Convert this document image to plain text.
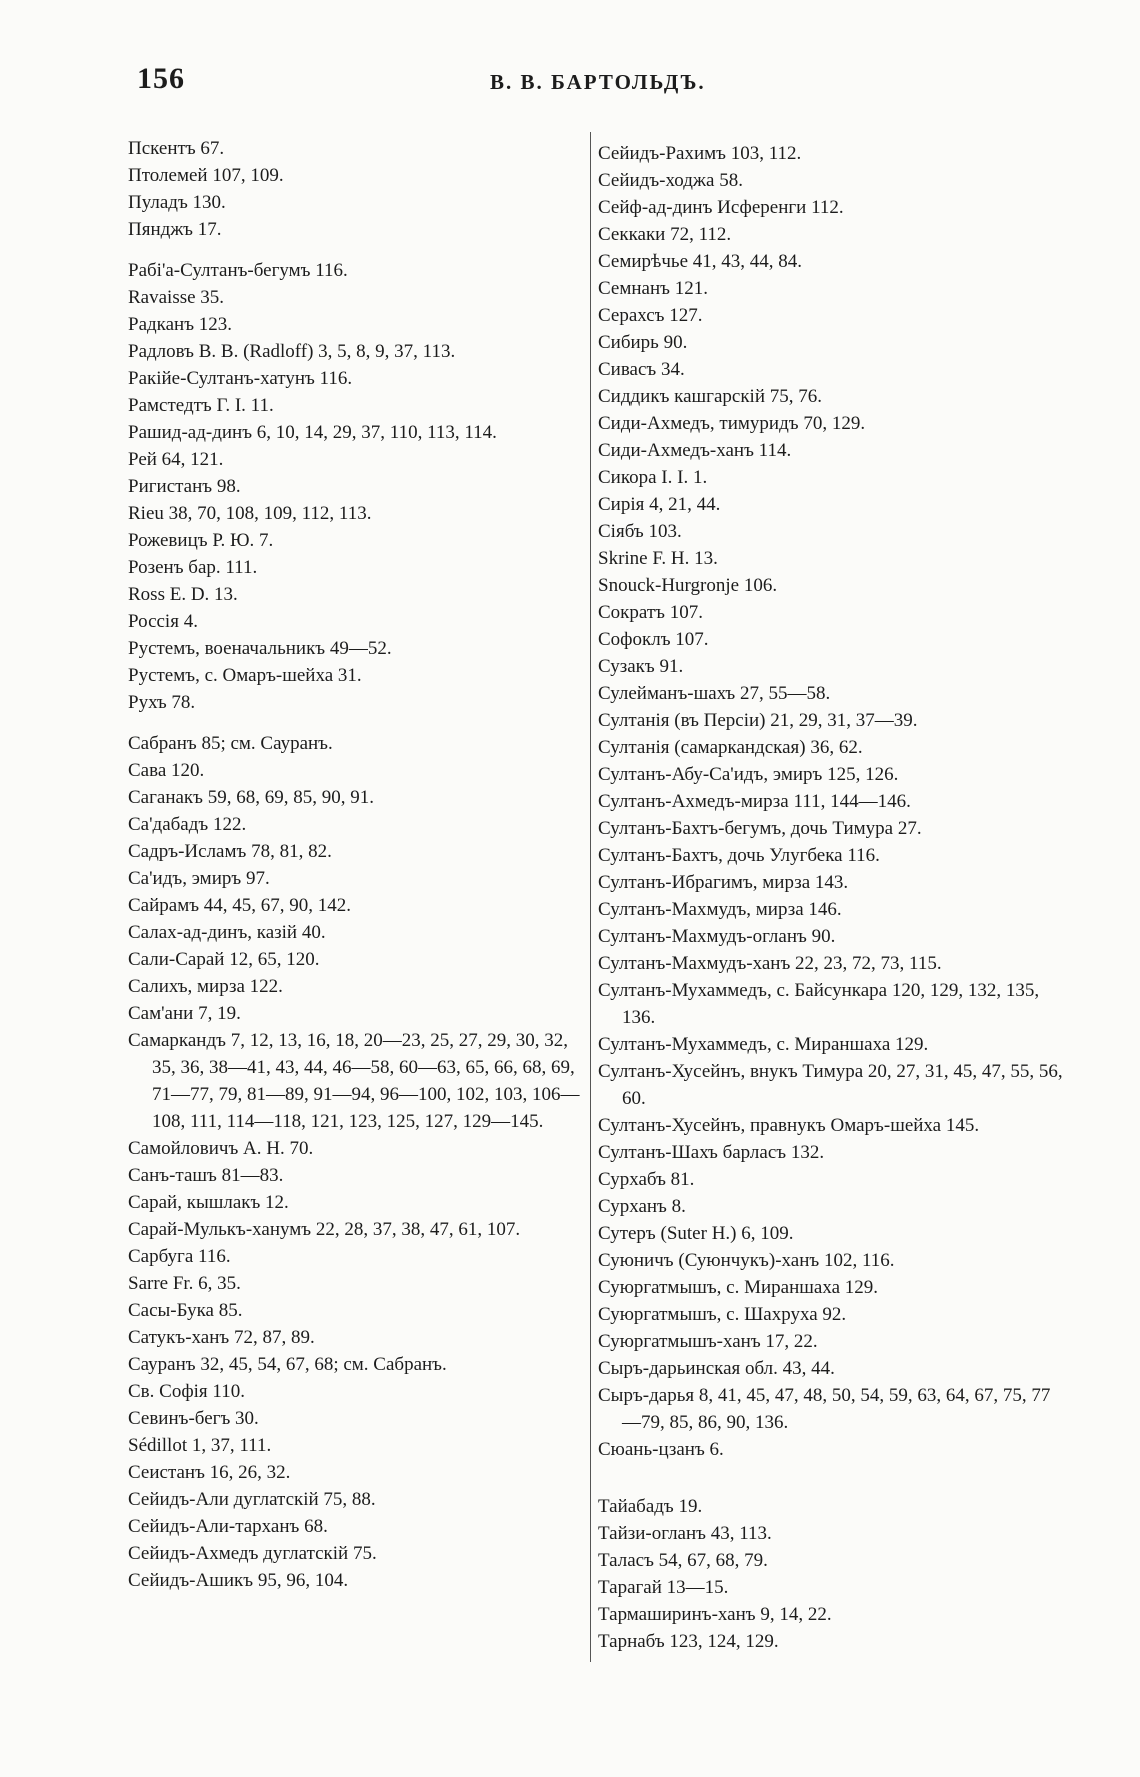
156	В. В. БАРТОЛЬДЪ.

Пскентъ 67.

Птолемей 107, 109.

Пуладъ 130.

Пянджъ 17.

Рабі'а-Султанъ-бегумъ 116.

Ravaisse 35.

Радканъ 123.

Радловъ В. В. (Radloff) 3, 5, 8, 9, 37, 113.

Ракійе-Султанъ-хатунъ 116.

Рамстедтъ Г. І. 11.

Рашид-ад-динъ 6, 10, 14, 29, 37, 110, 113, 114.

Рей 64, 121.

Ригистанъ 98.

Rieu 38, 70, 108, 109, 112, 113.

Рожевицъ Р. Ю. 7.

Розенъ бар. 111.

Ross E. D. 13.

Россія 4.

Рустемъ, военачальникъ 49—52.

Рустемъ, с. Омаръ-шейха 31.

Рухъ 78.

Сабранъ 85; см. Сауранъ.

Сава 120.

Саганакъ 59, 68, 69, 85, 90, 91.

Са'дабадъ 122.

Садръ-Исламъ 78, 81, 82.

Са'идъ, эмиръ 97.

Сайрамъ 44, 45, 67, 90, 142.

Салах-ад-динъ, казій 40.

Сали-Сарай 12, 65, 120.

Салихъ, мирза 122.

Сам'ани 7, 19.

Самаркандъ 7, 12, 13, 16, 18, 20—23, 25, 27, 29, 30, 32, 35, 36, 38—41, 43, 44, 46—58, 60—63, 65, 66, 68, 69, 71—77, 79, 81—89, 91—94, 96—100, 102, 103, 106—108, 111, 114—118, 121, 123, 125, 127, 129—145.

Самойловичъ А. Н. 70.

Санъ-ташъ 81—83.

Сарай, кышлакъ 12.

Сарай-Мулькъ-ханумъ 22, 28, 37, 38, 47, 61, 107.

Сарбуга 116.

Sarre Fr. 6, 35.

Сасы-Бука 85.

Сатукъ-ханъ 72, 87, 89.

Сауранъ 32, 45, 54, 67, 68; см. Сабранъ.

Св. Софія 110.

Севинъ-бегъ 30.

Sédillot 1, 37, 111.

Сеистанъ 16, 26, 32.

Сейидъ-Али дуглатскій 75, 88.

Сейидъ-Али-тарханъ 68.

Сейидъ-Ахмедъ дуглатскій 75.

Сейидъ-Ашикъ 95, 96, 104.

Сейидъ-Рахимъ 103, 112.

Сейидъ-ходжа 58.

Сейф-ад-динъ Исференги 112.

Секкаки 72, 112.

Семирѣчье 41, 43, 44, 84.

Семнанъ 121.

Серахсъ 127.

Сибирь 90.

Сивасъ 34.

Сиддикъ кашгарскій 75, 76.

Сиди-Ахмедъ, тимуридъ 70, 129.

Сиди-Ахмедъ-ханъ 114.

Сикора І. І. 1.

Сирія 4, 21, 44.

Сіябъ 103.

Skrine F. H. 13.

Snouck-Hurgronje 106.

Сократъ 107.

Софоклъ 107.

Сузакъ 91.

Сулейманъ-шахъ 27, 55—58.

Султанія (въ Персіи) 21, 29, 31, 37—39.

Султанія (самаркандская) 36, 62.

Султанъ-Абу-Са'идъ, эмиръ 125, 126.

Султанъ-Ахмедъ-мирза 111, 144—146.

Султанъ-Бахтъ-бегумъ, дочь Тимура 27.

Султанъ-Бахтъ, дочь Улугбека 116.

Султанъ-Ибрагимъ, мирза 143.

Султанъ-Махмудъ, мирза 146.

Султанъ-Махмудъ-огланъ 90.

Султанъ-Махмудъ-ханъ 22, 23, 72, 73, 115.

Султанъ-Мухаммедъ, с. Байсункара 120, 129, 132, 135, 136.

Султанъ-Мухаммедъ, с. Мираншаха 129.

Султанъ-Хусейнъ, внукъ Тимура 20, 27, 31, 45, 47, 55, 56, 60.

Султанъ-Хусейнъ, правнукъ Омаръ-шейха 145.

Султанъ-Шахъ барласъ 132.

Сурхабъ 81.

Сурханъ 8.

Сутеръ (Suter H.) 6, 109.

Суюничъ (Суюнчукъ)-ханъ 102, 116.

Суюргатмышъ, с. Мираншаха 129.

Суюргатмышъ, с. Шахруха 92.

Суюргатмышъ-ханъ 17, 22.

Сыръ-дарьинская обл. 43, 44.

Сыръ-дарья 8, 41, 45, 47, 48, 50, 54, 59, 63, 64, 67, 75, 77—79, 85, 86, 90, 136.

Сюань-цзанъ 6.

Тайабадъ 19.

Тайзи-огланъ 43, 113.

Таласъ 54, 67, 68, 79.

Тарагай 13—15.

Тармаширинъ-ханъ 9, 14, 22.

Тарнабъ 123, 124, 129.
